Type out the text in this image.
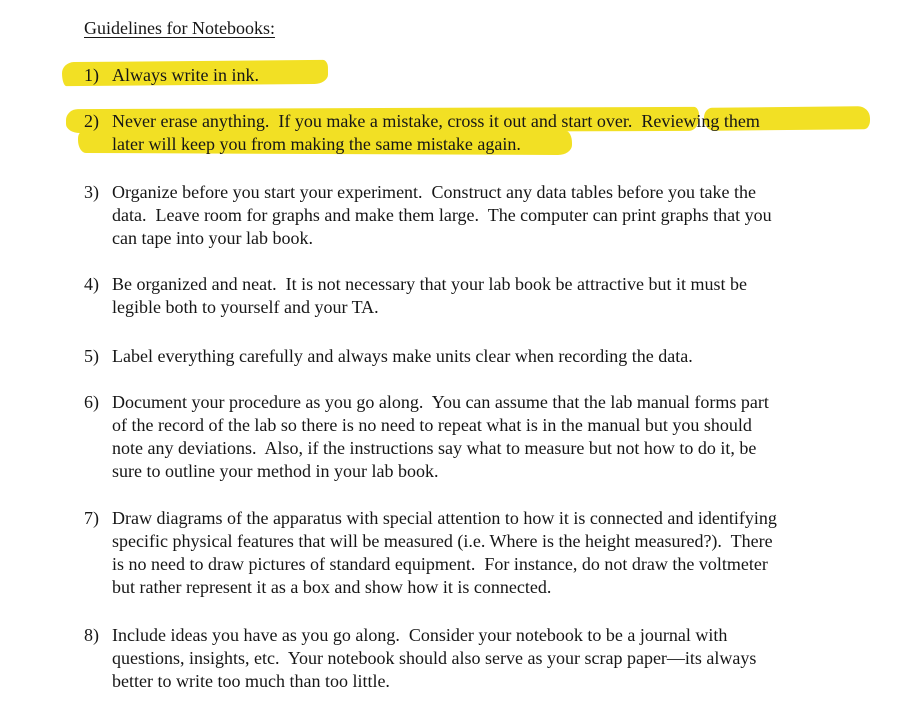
Guidelines for Notebooks:
1) Always write in ink.
2) Never erase anything.  If you make a mistake, cross it out and start over.  Reviewing them
later will keep you from making the same mistake again.
3) Organize before you start your experiment.  Construct any data tables before you take the
data.  Leave room for graphs and make them large.  The computer can print graphs that you
can tape into your lab book.
4) Be organized and neat.  It is not necessary that your lab book be attractive but it must be
legible both to yourself and your TA.
5) Label everything carefully and always make units clear when recording the data.
6) Document your procedure as you go along.  You can assume that the lab manual forms part
of the record of the lab so there is no need to repeat what is in the manual but you should
note any deviations.  Also, if the instructions say what to measure but not how to do it, be
sure to outline your method in your lab book.
7) Draw diagrams of the apparatus with special attention to how it is connected and identifying
specific physical features that will be measured (i.e. Where is the height measured?).  There
is no need to draw pictures of standard equipment.  For instance, do not draw the voltmeter
but rather represent it as a box and show how it is connected.
8) Include ideas you have as you go along.  Consider your notebook to be a journal with
questions, insights, etc.  Your notebook should also serve as your scrap paper—its always
better to write too much than too little.
